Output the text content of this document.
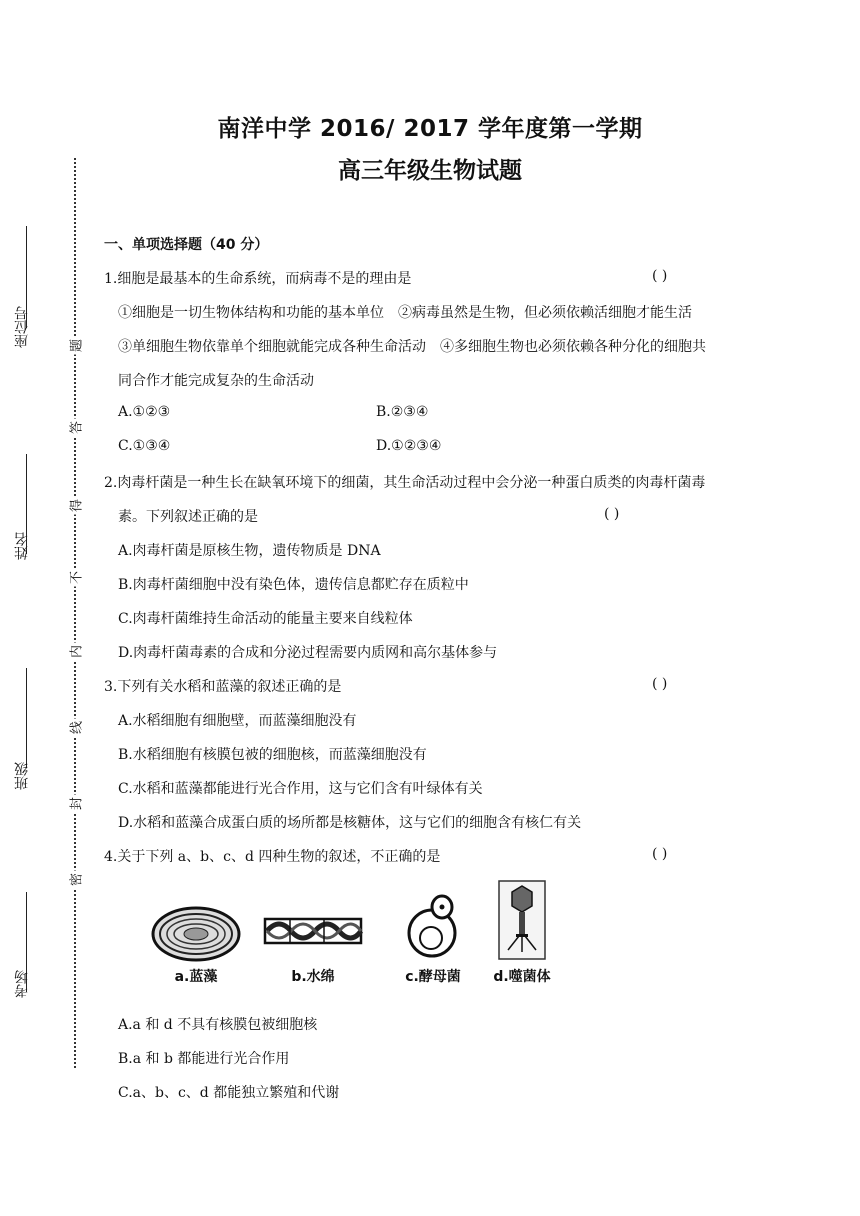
南洋中学 2016/ 2017 学年度第一学期
高三年级生物试题
座位号
姓名
班级
考场
题
答
得
不
内
线
封
密
一、单项选择题（40 分）
1.细胞是最基本的生命系统，而病毒不是的理由是	( )
①细胞是一切生物体结构和功能的基本单位　②病毒虽然是生物，但必须依赖活细胞才能生活
③单细胞生物依靠单个细胞就能完成各种生命活动　④多细胞生物也必须依赖各种分化的细胞共
同合作才能完成复杂的生命活动
A.①②③	B.②③④
C.①③④	D.①②③④
2.肉毒杆菌是一种生长在缺氧环境下的细菌，其生命活动过程中会分泌一种蛋白质类的肉毒杆菌毒
素。下列叙述正确的是	( )
A.肉毒杆菌是原核生物，遗传物质是 DNA
B.肉毒杆菌细胞中没有染色体，遗传信息都贮存在质粒中
C.肉毒杆菌维持生命活动的能量主要来自线粒体
D.肉毒杆菌毒素的合成和分泌过程需要内质网和高尔基体参与
3.下列有关水稻和蓝藻的叙述正确的是	( )
A.水稻细胞有细胞壁，而蓝藻细胞没有
B.水稻细胞有核膜包被的细胞核，而蓝藻细胞没有
C.水稻和蓝藻都能进行光合作用，这与它们含有叶绿体有关
D.水稻和蓝藻合成蛋白质的场所都是核糖体，这与它们的细胞含有核仁有关
4.关于下列 a、b、c、d 四种生物的叙述，不正确的是	( )
a.蓝藻	b.水绵	c.酵母菌	d.噬菌体
A.a 和 d 不具有核膜包被细胞核
B.a 和 b 都能进行光合作用
C.a、b、c、d 都能独立繁殖和代谢
